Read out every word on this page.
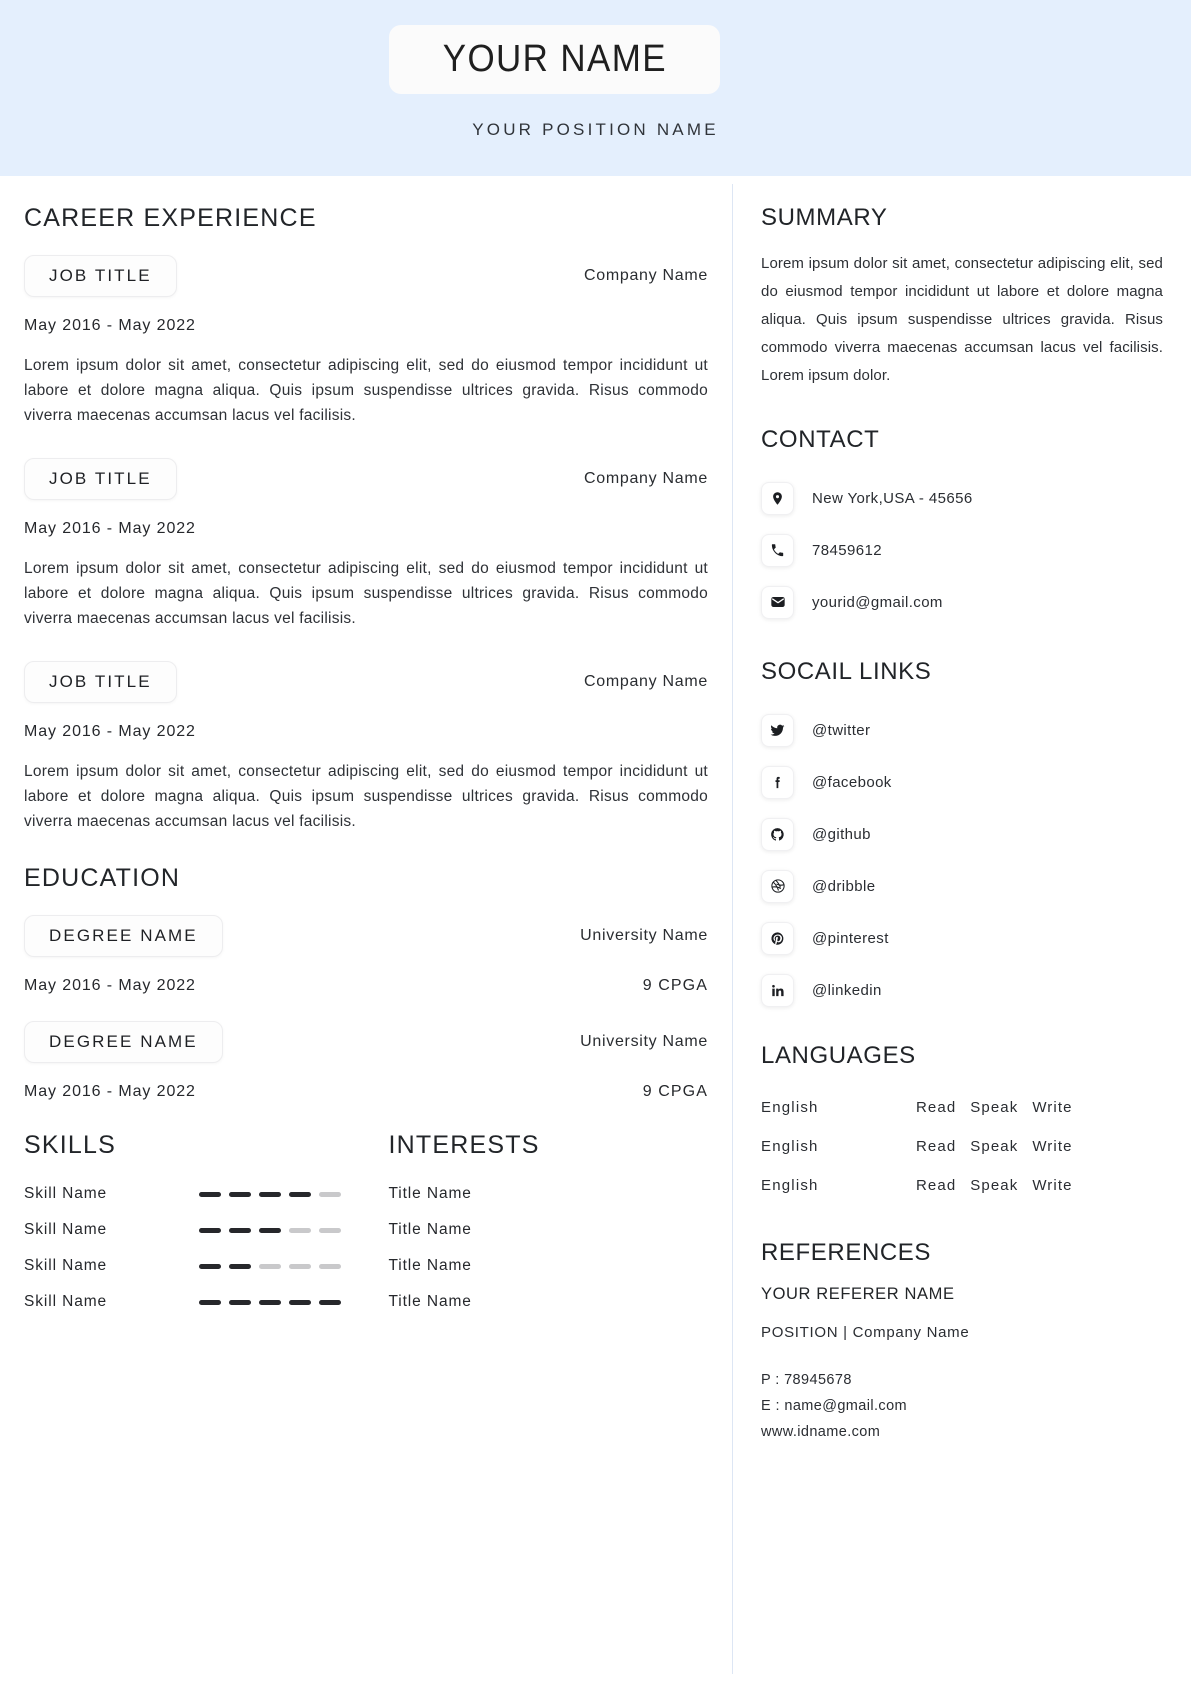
YOUR NAME
YOUR POSITION NAME
CAREER EXPERIENCE
JOB TITLE	Company Name
May 2016 - May 2022
Lorem ipsum dolor sit amet, consectetur adipiscing elit, sed do eiusmod tempor incididunt ut labore et dolore magna aliqua. Quis ipsum suspendisse ultrices gravida. Risus commodo viverra maecenas accumsan lacus vel facilisis.
JOB TITLE	Company Name
May 2016 - May 2022
Lorem ipsum dolor sit amet, consectetur adipiscing elit, sed do eiusmod tempor incididunt ut labore et dolore magna aliqua. Quis ipsum suspendisse ultrices gravida. Risus commodo viverra maecenas accumsan lacus vel facilisis.
JOB TITLE	Company Name
May 2016 - May 2022
Lorem ipsum dolor sit amet, consectetur adipiscing elit, sed do eiusmod tempor incididunt ut labore et dolore magna aliqua. Quis ipsum suspendisse ultrices gravida. Risus commodo viverra maecenas accumsan lacus vel facilisis.
EDUCATION
DEGREE NAME	University Name
May 2016 - May 2022	9 CPGA
DEGREE NAME	University Name
May 2016 - May 2022	9 CPGA
SKILLS
Skill Name
Skill Name
Skill Name
Skill Name
INTERESTS
Title Name
Title Name
Title Name
Title Name
SUMMARY
Lorem ipsum dolor sit amet, consectetur adipiscing elit, sed do eiusmod tempor incididunt ut labore et dolore magna aliqua. Quis ipsum suspendisse ultrices gravida. Risus commodo viverra maecenas accumsan lacus vel facilisis. Lorem ipsum dolor.
CONTACT
New York,USA - 45656
78459612
yourid@gmail.com
SOCAIL LINKS
@twitter
@facebook
@github
@dribble
@pinterest
@linkedin
LANGUAGES
English	Read Speak Write
English	Read Speak Write
English	Read Speak Write
REFERENCES
YOUR REFERER NAME
POSITION | Company Name
P : 78945678
E : name@gmail.com
www.idname.com
